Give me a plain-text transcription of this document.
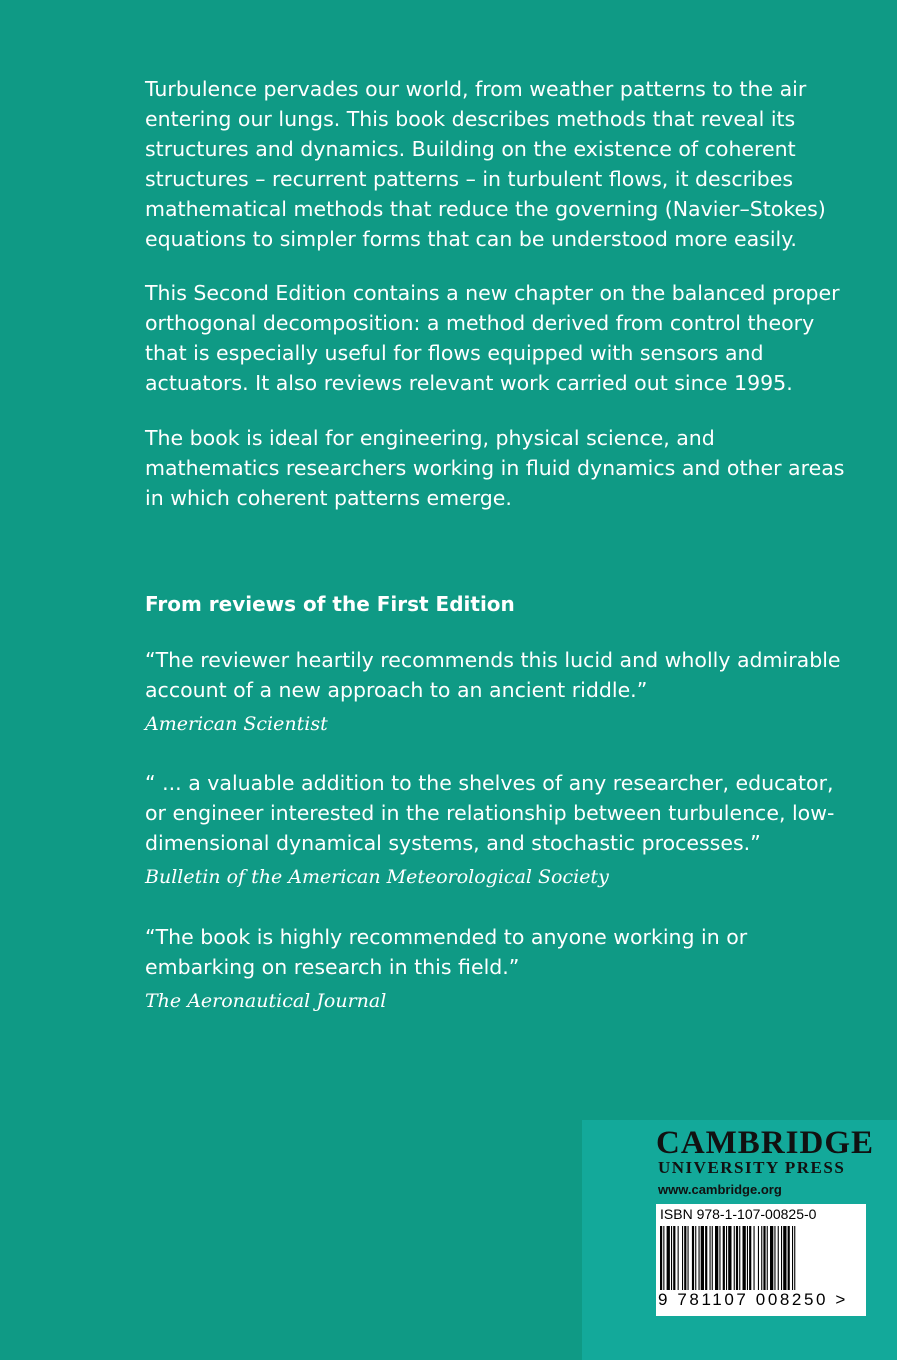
Turbulence pervades our world, from weather patterns to the air entering our lungs. This book describes methods that reveal its structures and dynamics. Building on the existence of coherent structures – recurrent patterns – in turbulent flows, it describes mathematical methods that reduce the governing (Navier–Stokes) equations to simpler forms that can be understood more easily.

This Second Edition contains a new chapter on the balanced proper orthogonal decomposition: a method derived from control theory that is especially useful for flows equipped with sensors and actuators. It also reviews relevant work carried out since 1995.

The book is ideal for engineering, physical science, and mathematics researchers working in fluid dynamics and other areas in which coherent patterns emerge.

From reviews of the First Edition

“The reviewer heartily recommends this lucid and wholly admirable account of a new approach to an ancient riddle.”

American Scientist

“ ... a valuable addition to the shelves of any researcher, educator, or engineer interested in the relationship between turbulence, low-dimensional dynamical systems, and stochastic processes.”

Bulletin of the American Meteorological Society

“The book is highly recommended to anyone working in or embarking on research in this field.”

The Aeronautical Journal

CAMBRIDGE
UNIVERSITY PRESS
www.cambridge.org
ISBN 978-1-107-00825-0
9 781107 008250 >
